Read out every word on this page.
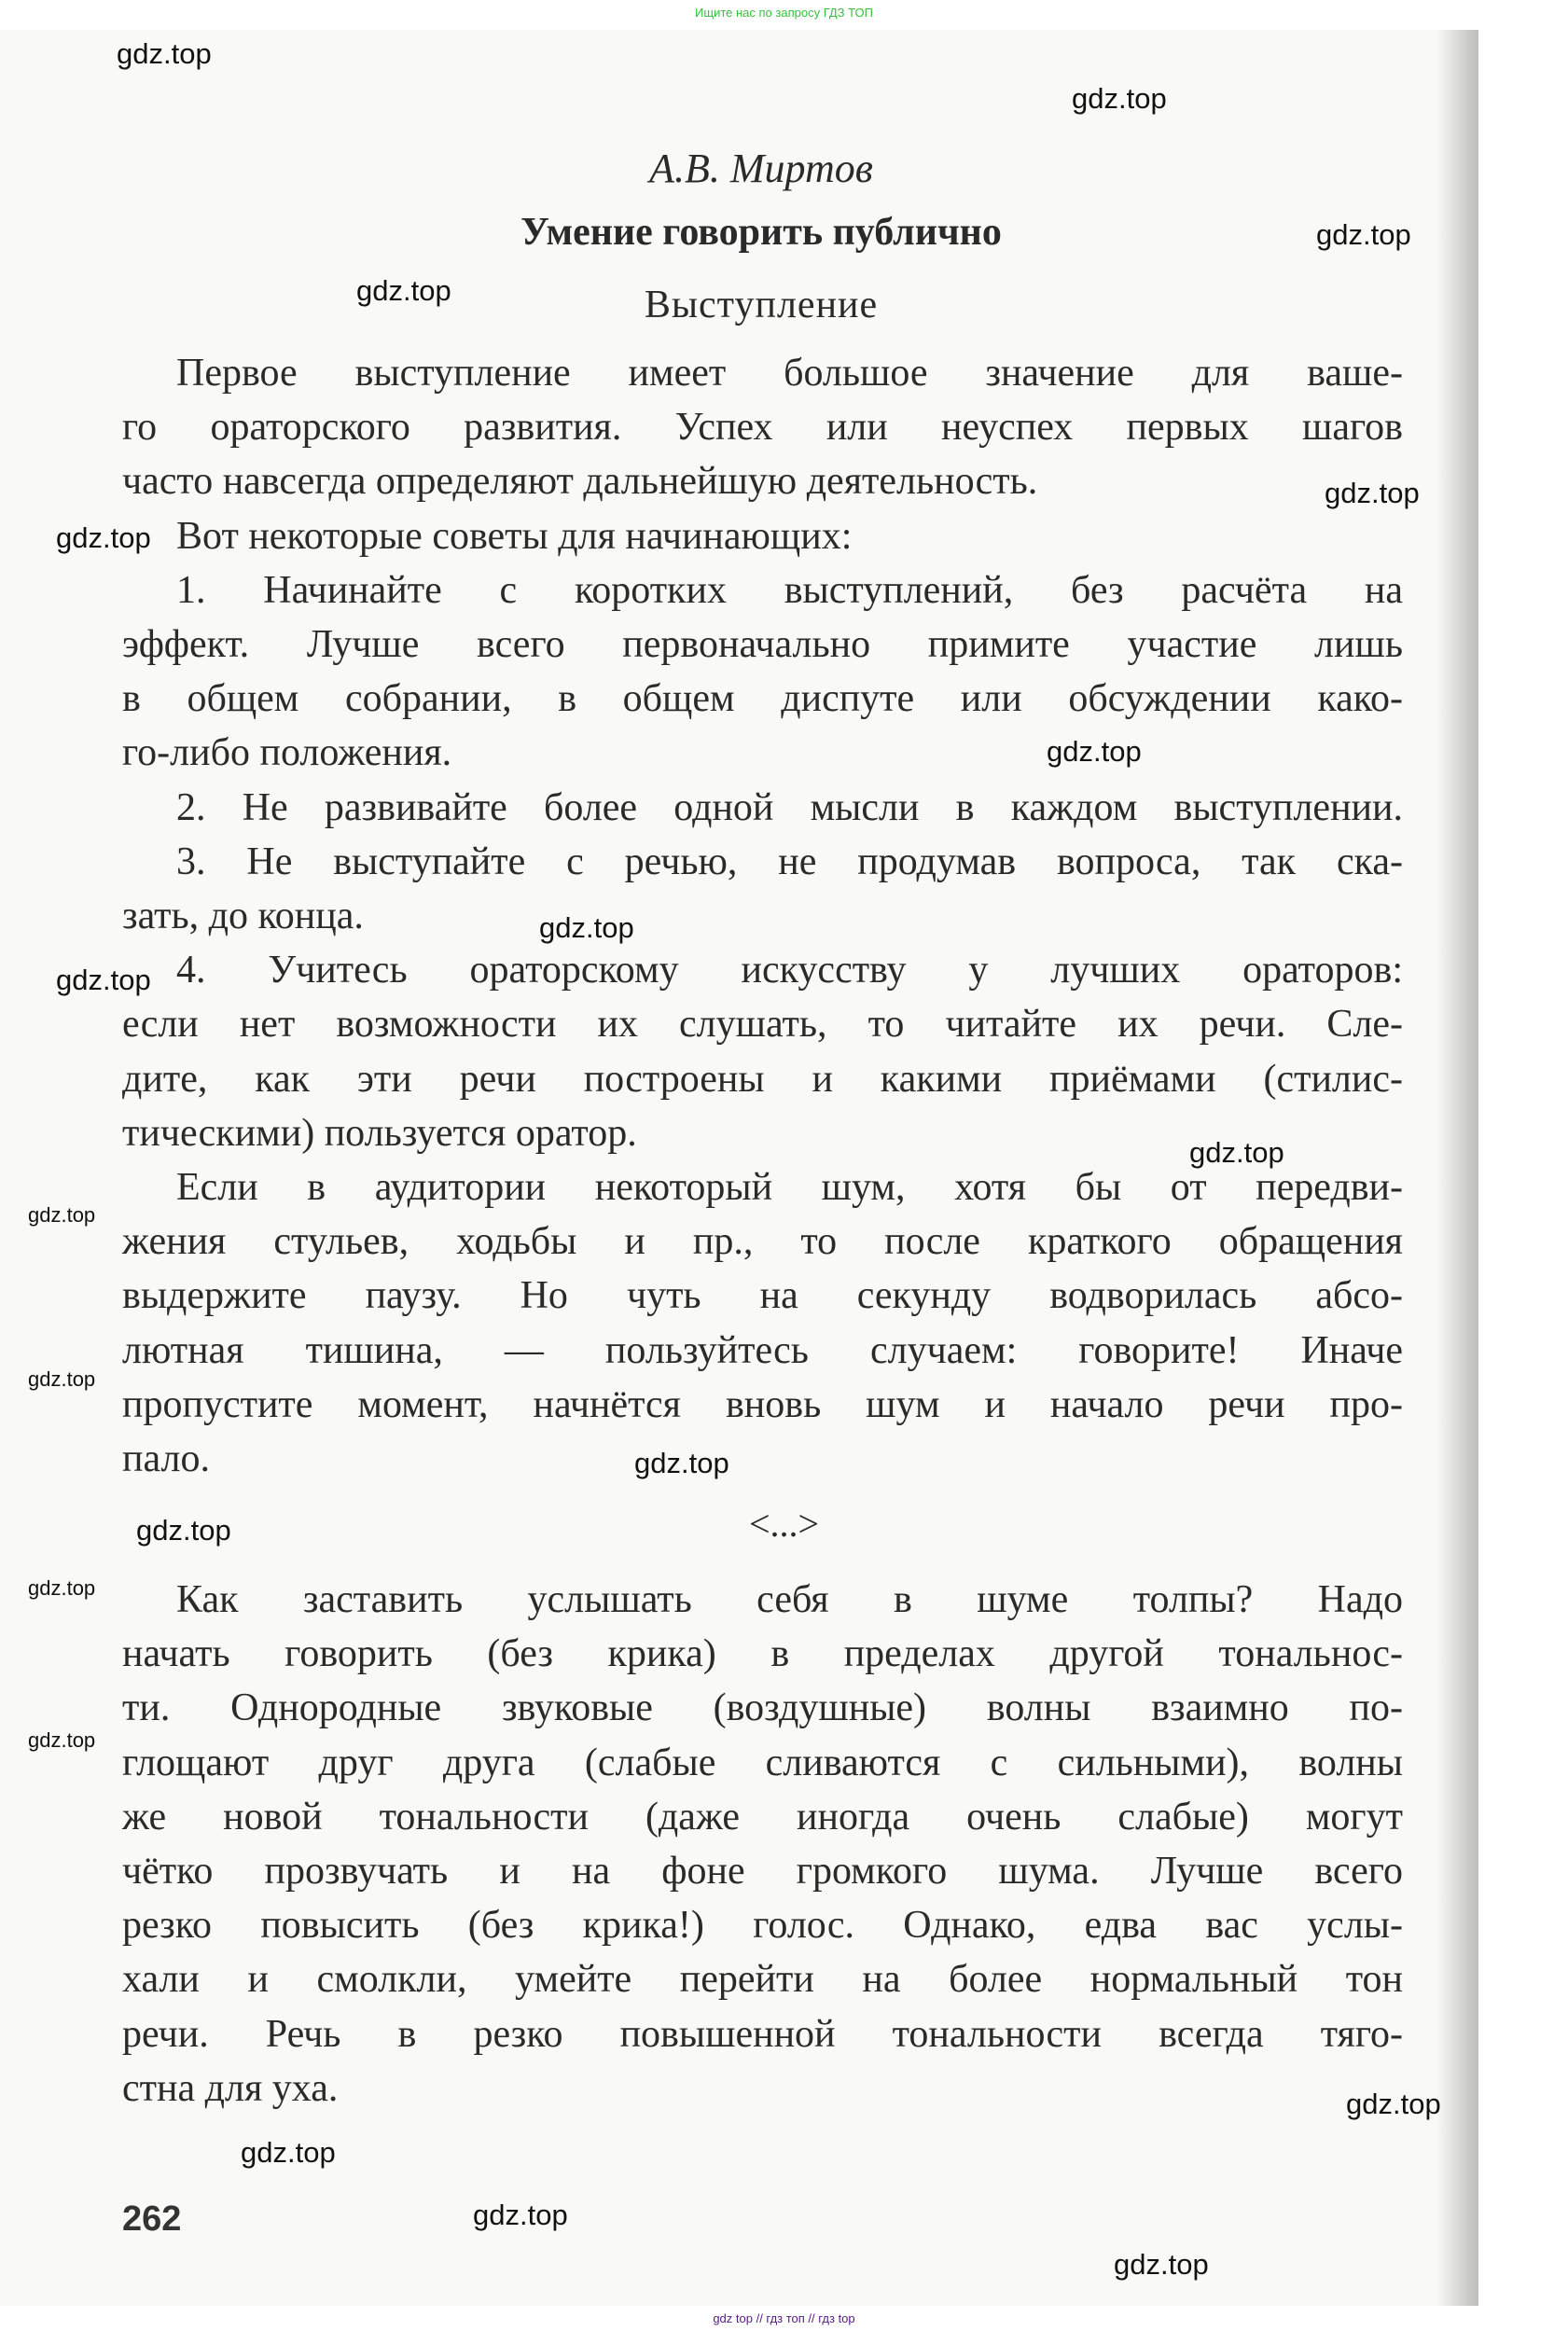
Ищите нас по запросу ГДЗ ТОП
А.В. Миртов
Умение говорить публично
Выступление
Первое выступление имеет большое значение для ваше-
го ораторского развития. Успех или неуспех первых шагов
часто навсегда определяют дальнейшую деятельность.
Вот некоторые советы для начинающих:
1. Начинайте с коротких выступлений, без расчёта на
эффект. Лучше всего первоначально примите участие лишь
в общем собрании, в общем диспуте или обсуждении како-
го-либо положения.
2. Не развивайте более одной мысли в каждом выступлении.
3. Не выступайте с речью, не продумав вопроса, так ска-
зать, до конца.
4. Учитесь ораторскому искусству у лучших ораторов:
если нет возможности их слушать, то читайте их речи. Сле-
дите, как эти речи построены и какими приёмами (стилис-
тическими) пользуется оратор.
Если в аудитории некоторый шум, хотя бы от передви-
жения стульев, ходьбы и пр., то после краткого обращения
выдержите паузу. Но чуть на секунду водворилась абсо-
лютная тишина, — пользуйтесь случаем: говорите! Иначе
пропустите момент, начнётся вновь шум и начало речи про-
пало.
<...>
Как заставить услышать себя в шуме толпы? Надо
начать говорить (без крика) в пределах другой тональнос-
ти. Однородные звуковые (воздушные) волны взаимно по-
глощают друг друга (слабые сливаются с сильными), волны
же новой тональности (даже иногда очень слабые) могут
чётко прозвучать и на фоне громкого шума. Лучше всего
резко повысить (без крика!) голос. Однако, едва вас услы-
хали и смолкли, умейте перейти на более нормальный тон
речи. Речь в резко повышенной тональности всегда тяго-
стна для уха.
262
gdz top // гдз топ // гдз top
gdz.top
gdz.top
gdz.top
gdz.top
gdz.top
gdz.top
gdz.top
gdz.top
gdz.top
gdz.top
gdz.top
gdz.top
gdz.top
gdz.top
gdz.top
gdz.top
gdz.top
gdz.top
gdz.top
gdz.top
